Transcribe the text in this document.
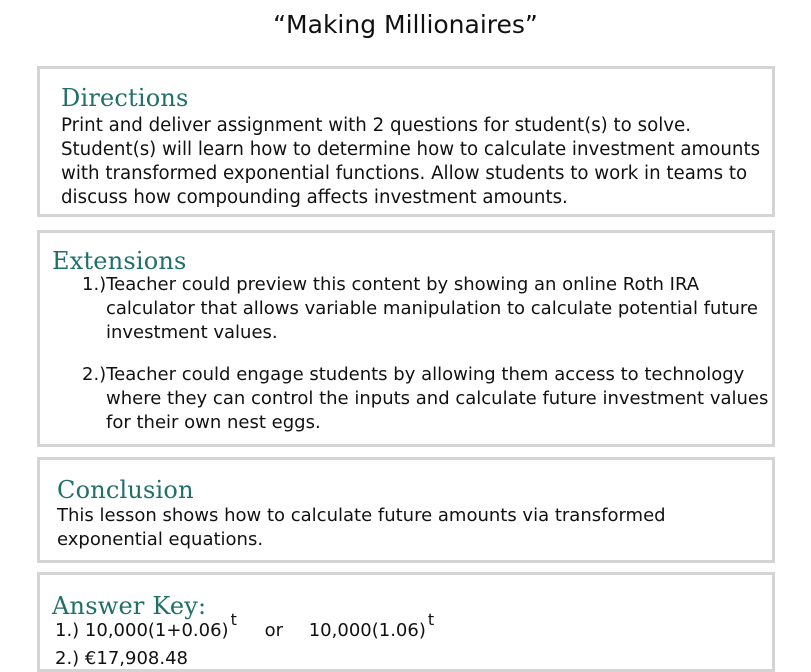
“Making Millionaires”
Directions
Print and deliver assignment with 2 questions for student(s) to solve. Student(s) will learn how to determine how to calculate investment amounts with transformed exponential functions. Allow students to work in teams to discuss how compounding affects investment amounts.
Extensions
1.)Teacher could preview this content by showing an online Roth IRA calculator that allows variable manipulation to calculate potential future investment values.
2.)Teacher could engage students by allowing them access to technology where they can control the inputs and calculate future investment values for their own nest eggs.
Conclusion
This lesson shows how to calculate future amounts via transformed exponential equations.
Answer Key:
1.) 10,000(1+0.06)t or 10,000(1.06)t
2.) €17,908.48
